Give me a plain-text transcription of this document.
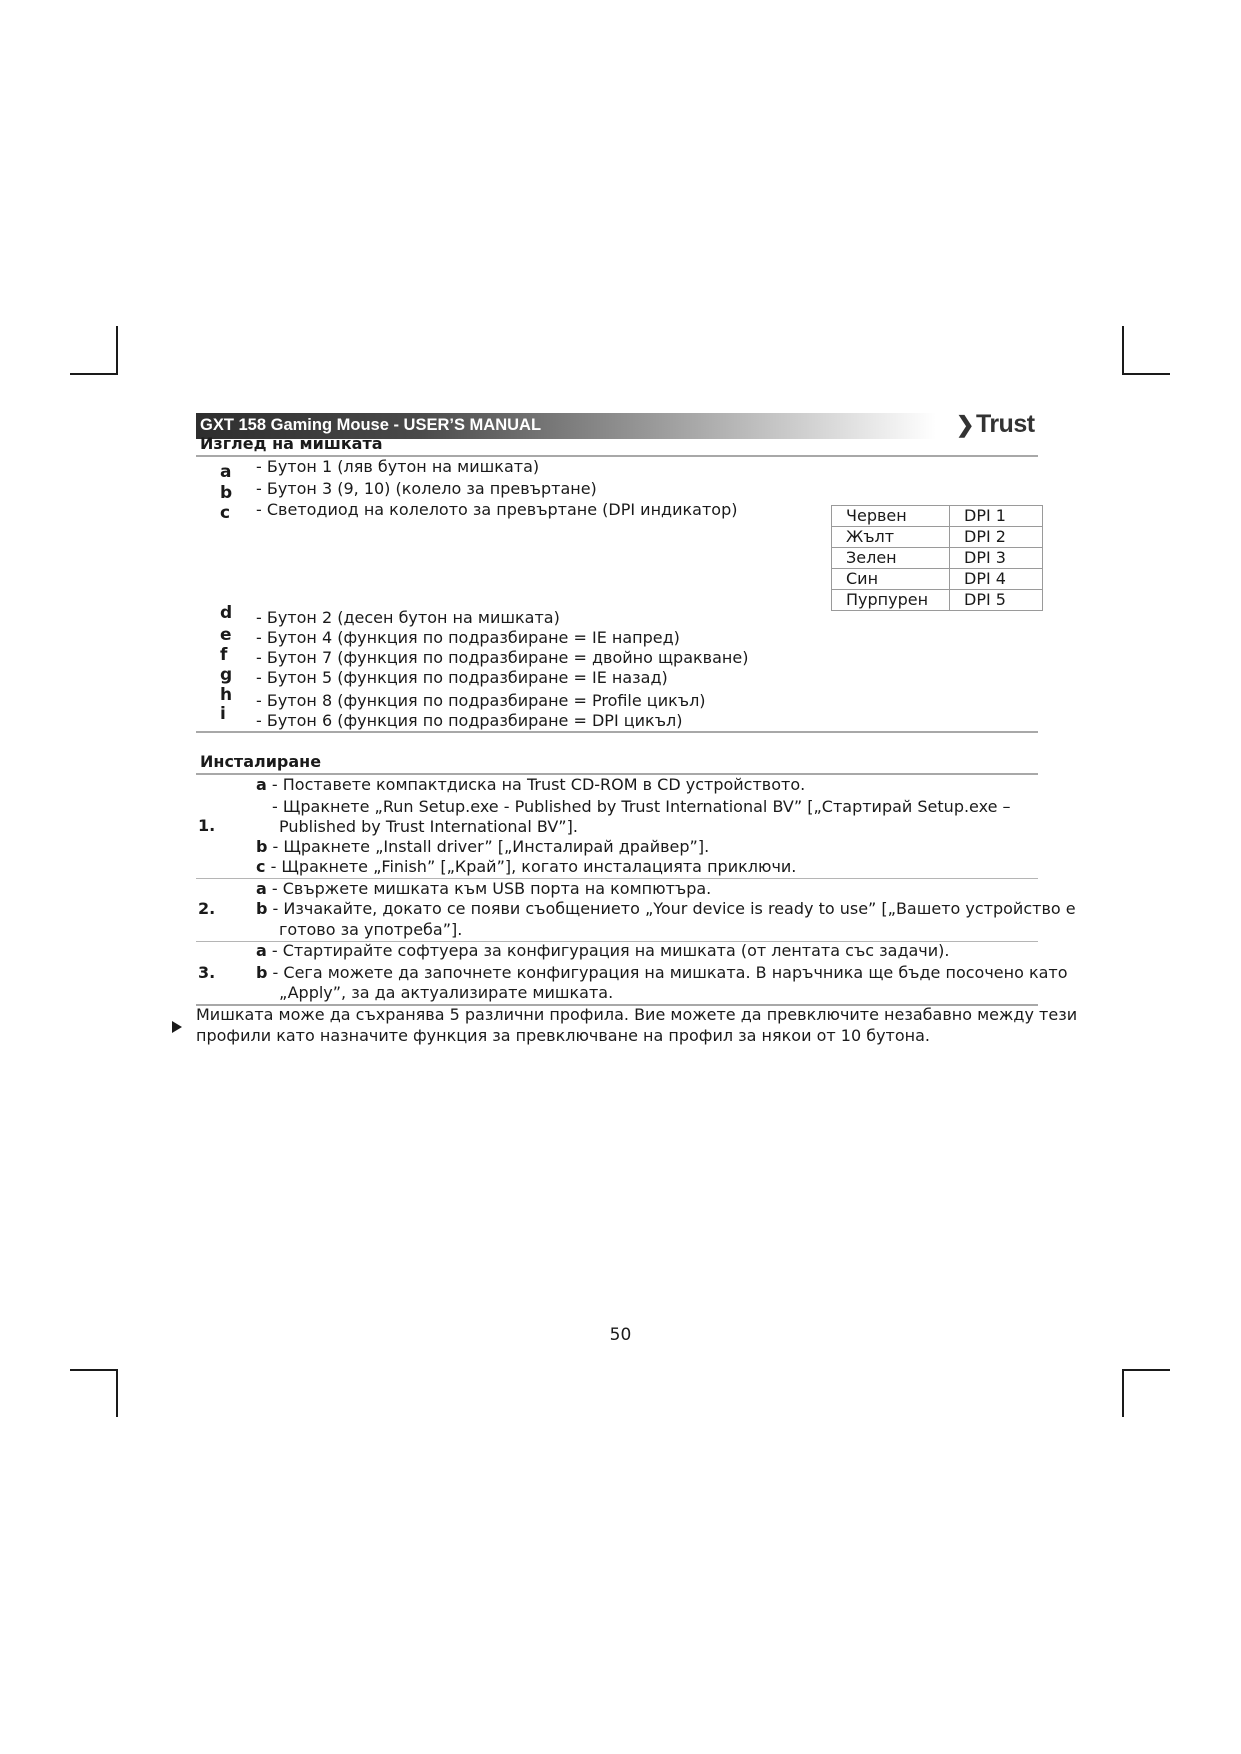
GXT 158 Gaming Mouse - USER’S MANUAL	❯Trust
Изглед на мишката
a - Бутон 1 (ляв бутон на мишката)
b - Бутон 3 (9, 10) (колело за превъртане)
c - Светодиод на колелото за превъртане (DPI индикатор)	Червен	DPI 1
Жълт	DPI 2
Зелен	DPI 3
Син	DPI 4
Пурпурен	DPI 5
d - Бутон 2 (десен бутон на мишката)
e - Бутон 4 (функция по подразбиране = IE напред)
f - Бутон 7 (функция по подразбиране = двойно щракване)
g - Бутон 5 (функция по подразбиране = IE назад)
h - Бутон 8 (функция по подразбиране = Profile цикъл)
i - Бутон 6 (функция по подразбиране = DPI цикъл)
Инсталиране
a - Поставете компактдиска на Trust CD-ROM в CD устройството.
- Щракнете „Run Setup.exe - Published by Trust International BV” [„Стартирай Setup.exe –
1.	Published by Trust International BV”].
b - Щракнете „Install driver” [„Инсталирай драйвер”].
c - Щракнете „Finish” [„Край”], когато инсталацията приключи.
a - Свържете мишката към USB порта на компютъра.
2.	b - Изчакайте, докато се появи съобщението „Your device is ready to use” [„Вашето устройство е
готово за употреба”].
a - Стартирайте софтуера за конфигурация на мишката (от лентата със задачи).
3.	b - Сега можете да започнете конфигурация на мишката. В наръчника ще бъде посочено като
„Apply”, за да актуализирате мишката.
Мишката може да съхранява 5 различни профила. Вие можете да превключите незабавно между тези
профили като назначите функция за превключване на профил за някои от 10 бутона.
50
